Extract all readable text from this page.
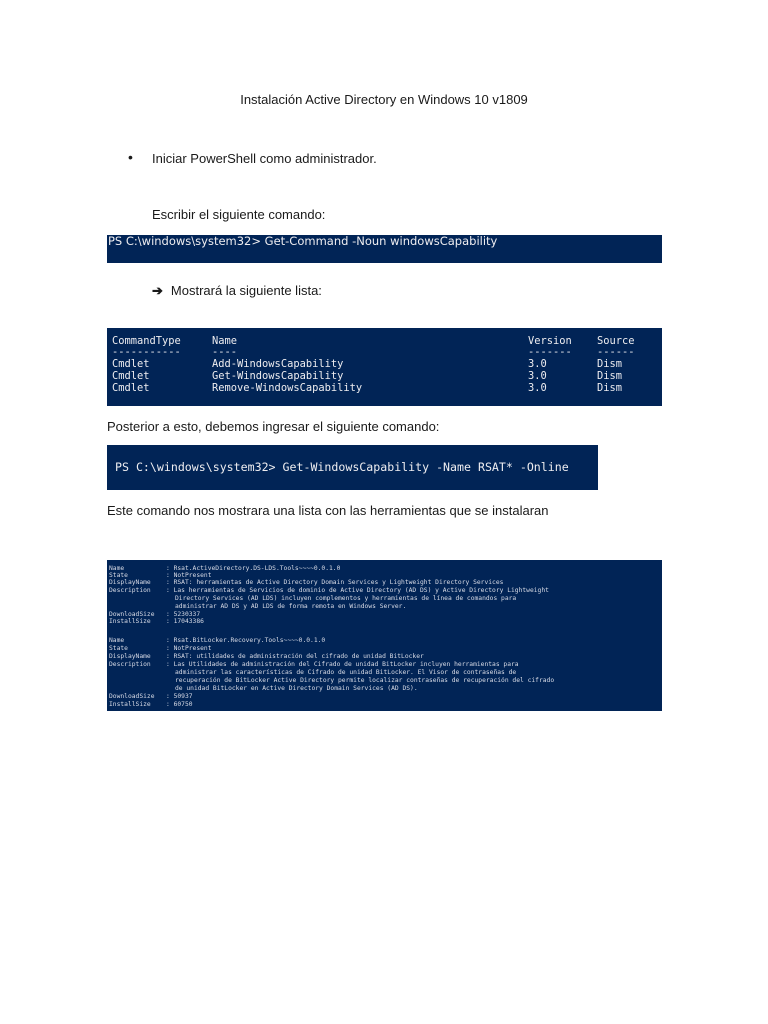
Instalación Active Directory en Windows 10 v1809
• Iniciar PowerShell como administrador.
Escribir el siguiente comando:
PS C:\windows\system32> Get-Command -Noun windowsCapability
➔ Mostrará la siguiente lista:
CommandType	Name	Version Source
-----------	----	------- ------
Cmdlet	Add-WindowsCapability	3.0	Dism
Cmdlet	Get-WindowsCapability	3.0	Dism
Cmdlet	Remove-WindowsCapability	3.0	Dism
Posterior a esto, debemos ingresar el siguiente comando:
PS C:\windows\system32> Get-WindowsCapability -Name RSAT* -Online
Este comando nos mostrara una lista con las herramientas que se instalaran
Name	: Rsat.ActiveDirectory.DS-LDS.Tools~~~~0.0.1.0
State	: NotPresent
DisplayName : RSAT: herramientas de Active Directory Domain Services y Lightweight Directory Services
Description : Las herramientas de Servicios de dominio de Active Directory (AD DS) y Active Directory Lightweight
Directory Services (AD LDS) incluyen complementos y herramientas de línea de comandos para
administrar AD DS y AD LDS de forma remota en Windows Server.
DownloadSize : 5230337
InstallSize : 17043386
Name	: Rsat.BitLocker.Recovery.Tools~~~~0.0.1.0
State	: NotPresent
DisplayName : RSAT: utilidades de administración del cifrado de unidad BitLocker
Description : Las Utilidades de administración del Cifrado de unidad BitLocker incluyen herramientas para
administrar las características de Cifrado de unidad BitLocker. El Visor de contraseñas de
recuperación de BitLocker Active Directory permite localizar contraseñas de recuperación del cifrado
de unidad BitLocker en Active Directory Domain Services (AD DS).
DownloadSize : 50937
InstallSize : 60750
